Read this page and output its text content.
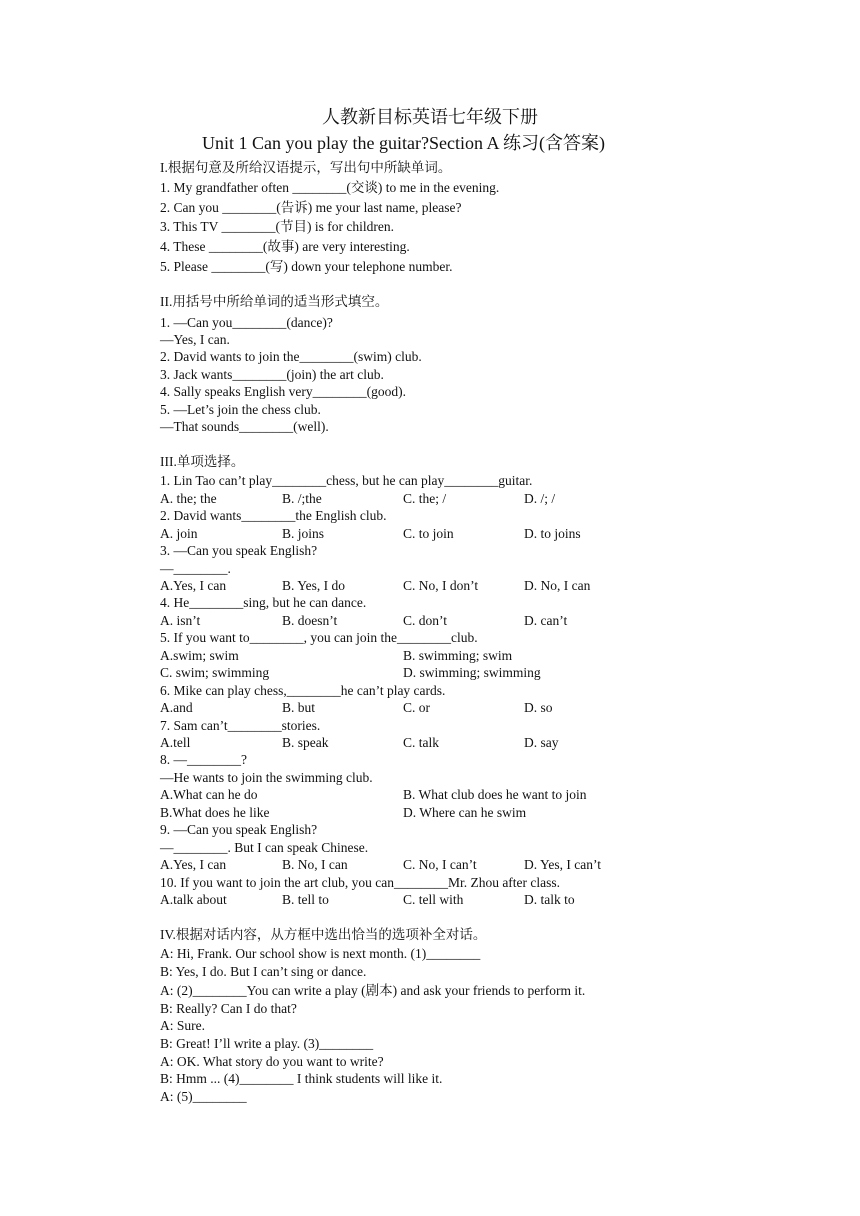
人教新目标英语七年级下册
Unit 1 Can you play the guitar?Section A 练习(含答案)
I.根据句意及所给汉语提示，写出句中所缺单词。
1. My grandfather often ________(交谈) to me in the evening.
2. Can you ________(告诉) me your last name, please?
3. This TV ________(节目) is for children.
4. These ________(故事) are very interesting.
5. Please ________(写) down your telephone number.
II.用括号中所给单词的适当形式填空。
1. —Can you________(dance)?
—Yes, I can.
2. David wants to join the________(swim) club.
3. Jack wants________(join) the art club.
4. Sally speaks English very________(good).
5. —Let’s join the chess club.
—That sounds________(well).
III.单项选择。
1. Lin Tao can’t play________chess, but he can play________guitar.
A. the; the	B. /;the	C. the; /	D. /; /
2. David wants________the English club.
A. join	B. joins	C. to join	D. to joins
3. —Can you speak English?
—________.
A.Yes, I can	B. Yes, I do	C. No, I don’t	D. No, I can
4. He________sing, but he can dance.
A. isn’t	B. doesn’t	C. don’t	D. can’t
5. If you want to________, you can join the________club.
A.swim; swim	B. swimming; swim
C. swim; swimming	D. swimming; swimming
6. Mike can play chess,________he can’t play cards.
A.and	B. but	C. or	D. so
7. Sam can’t________stories.
A.tell	B. speak	C. talk	D. say
8. —________?
—He wants to join the swimming club.
A.What can he do	B. What club does he want to join
B.What does he like	D. Where can he swim
9. —Can you speak English?
—________. But I can speak Chinese.
A.Yes, I can	B. No, I can	C. No, I can’t	D. Yes, I can’t
10. If you want to join the art club, you can________Mr. Zhou after class.
A.talk about	B. tell to	C. tell with	D. talk to
IV.根据对话内容，从方框中选出恰当的选项补全对话。
A: Hi, Frank. Our school show is next month. (1)________
B: Yes, I do. But I can’t sing or dance.
A: (2)________You can write a play (剧本) and ask your friends to perform it.
B: Really? Can I do that?
A: Sure.
B: Great! I’ll write a play. (3)________
A: OK. What story do you want to write?
B: Hmm ... (4)________ I think students will like it.
A: (5)________
